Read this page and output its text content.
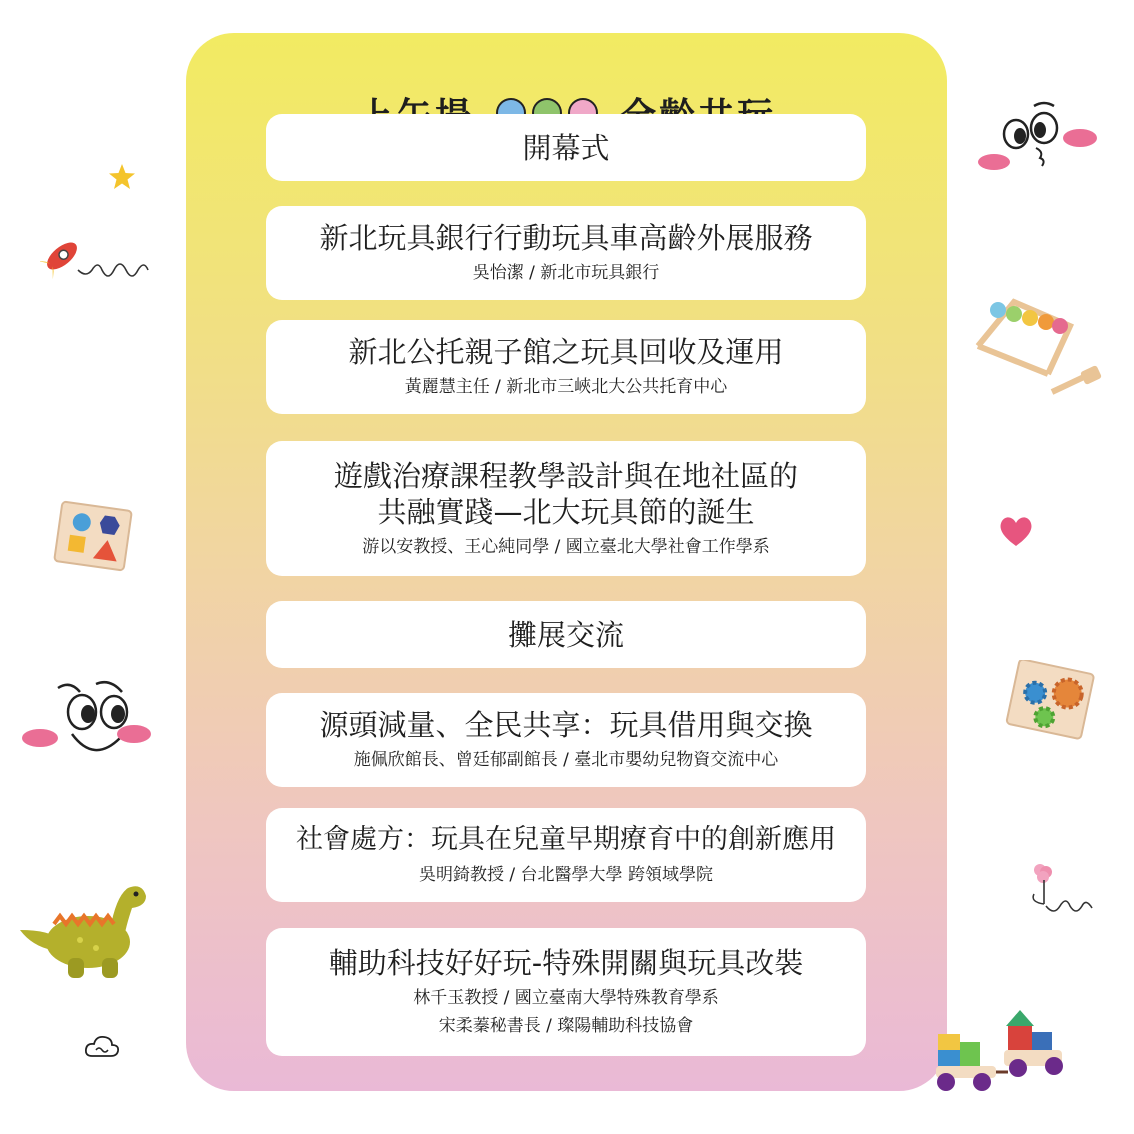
開幕式
新北玩具銀行行動玩具車高齡外展服務
吳怡潔 / 新北市玩具銀行
新北公托親子館之玩具回收及運用
黃麗慧主任 / 新北市三峽北大公共托育中心
遊戲治療課程教學設計與在地社區的
共融實踐—北大玩具節的誕生
游以安教授、王心純同學 / 國立臺北大學社會工作學系
攤展交流
源頭減量、全民共享：玩具借用與交換
施佩欣館長、曾廷郁副館長 / 臺北市嬰幼兒物資交流中心
社會處方：玩具在兒童早期療育中的創新應用
吳明錡教授 / 台北醫學大學 跨領域學院
輔助科技好好玩-特殊開關與玩具改裝
林千玉教授 / 國立臺南大學特殊教育學系
宋柔蓁秘書長 / 璨陽輔助科技協會
